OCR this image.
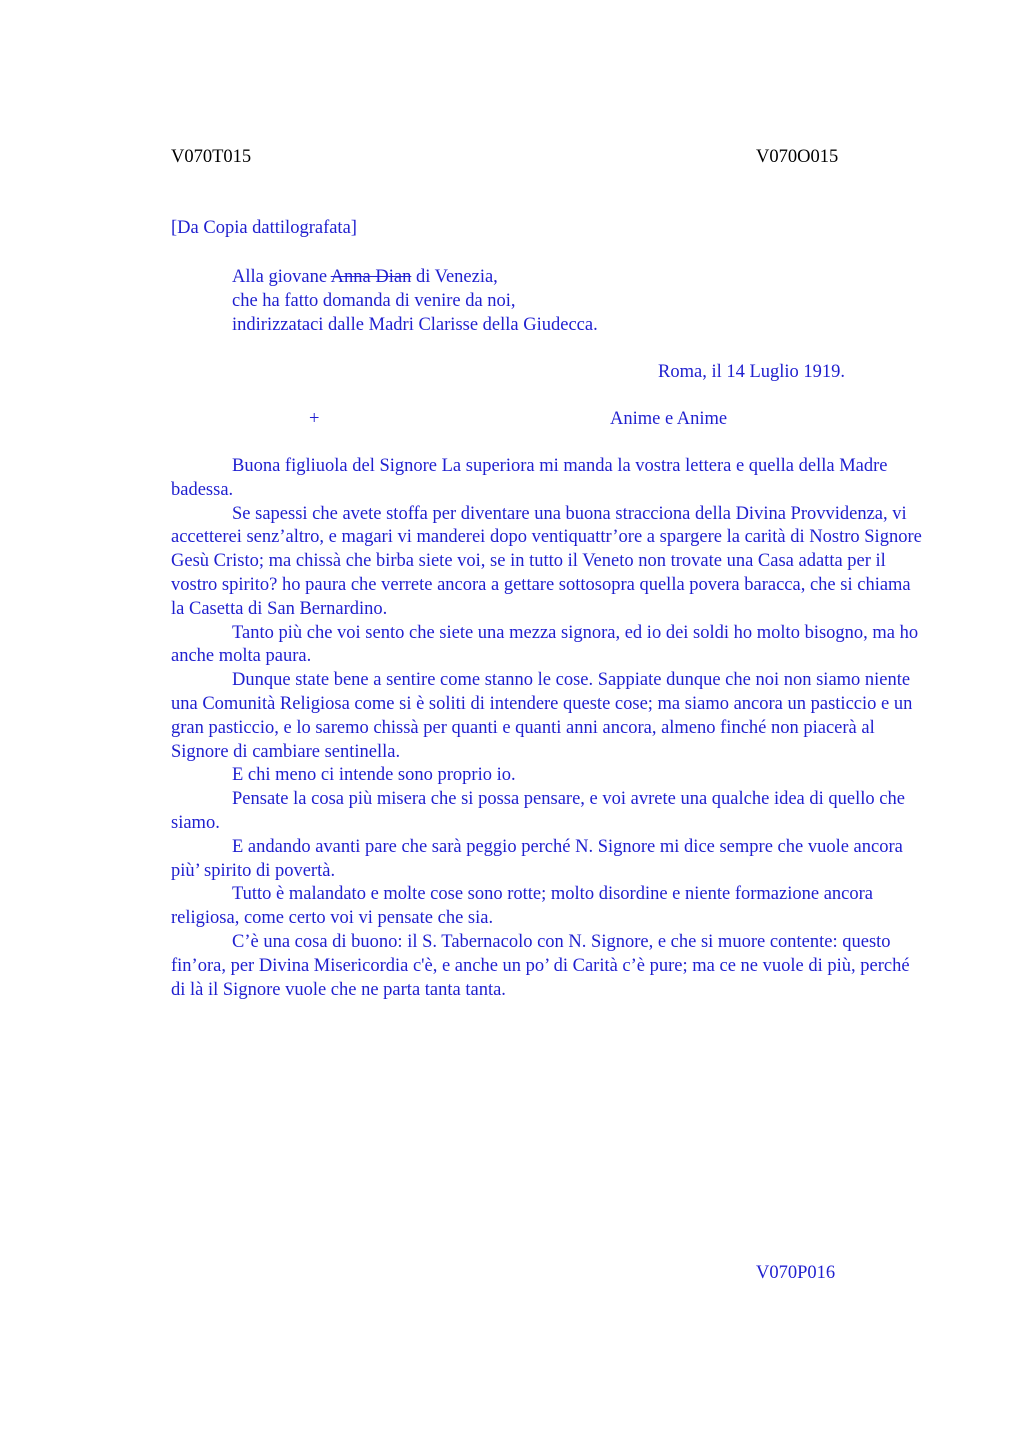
V070T015	V070O015
[Da Copia dattilografata]
Alla giovane Anna Dian di Venezia,
che ha fatto domanda di venire da noi,
indirizzataci dalle Madri Clarisse della Giudecca.
Roma, il 14 Luglio 1919.
+	Anime e Anime

Buona figliuola del Signore La superiora mi manda la vostra lettera e quella della Madre badessa.

Se sapessi che avete stoffa per diventare una buona stracciona della Divina Provvidenza, vi accetterei senz’altro, e magari vi manderei dopo ventiquattr’ore a spargere la carità di Nostro Signore Gesù Cristo; ma chissà che birba siete voi, se in tutto il Veneto non trovate una Casa adatta per il vostro spirito? ho paura che verrete ancora a gettare sottosopra quella povera baracca, che si chiama la Casetta di San Bernardino.

Tanto più che voi sento che siete una mezza signora, ed io dei soldi ho molto bisogno, ma ho anche molta paura.

Dunque state bene a sentire come stanno le cose. Sappiate dunque che noi non siamo niente una Comunità Religiosa come si è soliti di intendere queste cose; ma siamo ancora un pasticcio e un gran pasticcio, e lo saremo chissà per quanti e quanti anni ancora, almeno finché non piacerà al Signore di cambiare sentinella.

E chi meno ci intende sono proprio io.

Pensate la cosa più misera che si possa pensare, e voi avrete una qualche idea di quello che siamo.

E andando avanti pare che sarà peggio perché N. Signore mi dice sempre che vuole ancora più’ spirito di povertà.

Tutto è malandato e molte cose sono rotte; molto disordine e niente formazione ancora religiosa, come certo voi vi pensate che sia.

C’è una cosa di buono: il S. Tabernacolo con N. Signore, e che si muore contente: questo fin’ora, per Divina Misericordia c'è, e anche un po’ di Carità c’è pure; ma ce ne vuole di più, perché di là il Signore vuole che ne parta tanta tanta.

V070P016
